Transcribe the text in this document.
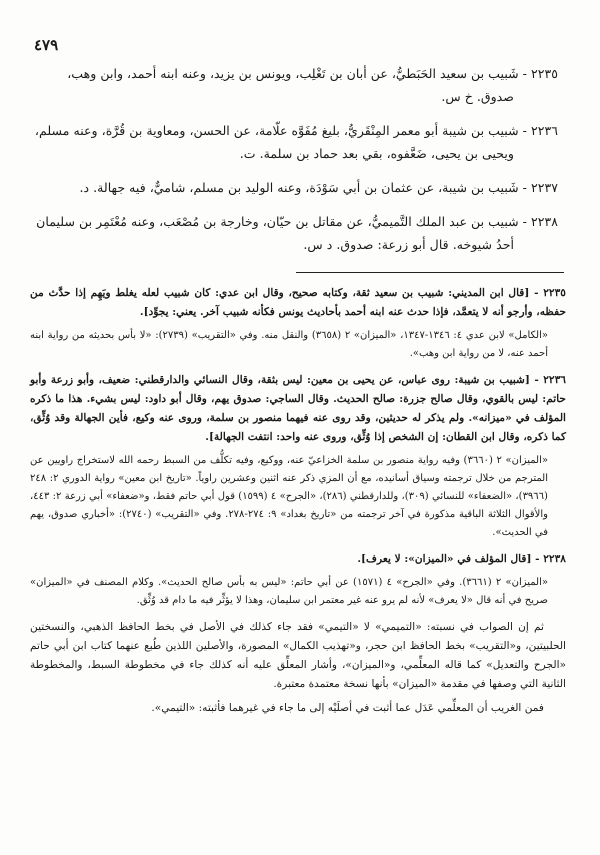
٤٧٩
٢٢٣٥ - شَبيب بن سعيد الحَبَطيُّ، عن أبان بن تَغْلِب، ويونس بن يزيد، وعنه ابنه أحمد، وابن وهب،
صدوق. خ س.
٢٢٣٦ - شبيب بن شيبة أبو معمر المِنْقَريُّ، بليغ مُفَوَّه علّامة، عن الحسن، ومعاوية بن قُرَّة، وعنه مسلم،
ويحيى بن يحيى، ضَعَّفوه، بقي بعد حماد بن سلمة. ت.
٢٢٣٧ - شَبيب بن شيبة، عن عثمان بن أبي سَوْدَة، وعنه الوليد بن مسلم، شاميٌّ، فيه جهالة. د.
٢٢٣٨ - شبيب بن عبد الملك التَّميميُّ، عن مقاتل بن حيّان، وخارجة بن مُصْعَب، وعنه مُعْتَمِر بن سليمان
أحدُ شيوخه. قال أبو زرعة: صدوق. د س.

٢٢٣٥ - [قال ابن المديني: شبيب بن سعيد ثقة، وكتابه صحيح، وقال ابن عدي: كان شبيب لعله يغلط ويَهِم إذا حدَّث من حفظه، وأرجو أنه لا يتعمَّد، فإذا حدث عنه ابنه أحمد بأحاديث يونس فكأنه شبيب آخر. يعني: يجوِّد].

«الكامل» لابن عدي ٤: ١٣٤٦-١٣٤٧، «الميزان» ٢ (٣٦٥٨) والنقل منه. وفي «التقريب» (٢٧٣٩): «لا بأس بحديثه من رواية ابنه أحمد عنه، لا من رواية ابن وهب».

٢٢٣٦ - [شبيب بن شيبة: روى عباس، عن يحيى بن معين: ليس بثقة، وقال النسائي والدارقطني: ضعيف، وأبو زرعة وأبو حاتم: ليس بالقوي، وقال صالح جزرة: صالح الحديث. وقال الساجي: صدوق يهم، وقال أبو داود: ليس بشيء. هذا ما ذكره المؤلف في «ميزانه». ولم يذكر له حديثين، وقد روى عنه فيهما منصور بن سلمة، وروى عنه وكيع، فأين الجهالة وقد وُثِّق، كما ذكره، وقال ابن القطان: إن الشخص إذا وُثِّق، وروى عنه واحد: انتفت الجهالة].

«الميزان» ٢ (٣٦٦٠) وفيه رواية منصور بن سلمة الخزاعيّ عنه، ووكيع، وفيه تكلُّف من السبط رحمه الله لاستخراج راويين عن المترجم من خلال ترجمته وسياق أسانيده، مع أن المزي ذكر عنه اثنين وعشرين راوياً. «تاريخ ابن معين» رواية الدوري ٢: ٢٤٨ (٣٩٦٦)، «الضعفاء» للنسائي (٣٠٩)، وللدارقطني (٢٨٦)، «الجرح» ٤ (١٥٩٩) قول أبي حاتم فقط، و«ضعفاء» أبي زرعة ٢: ٤٤٣، والأقوال الثلاثة الباقية مذكورة في آخر ترجمته من «تاريخ بغداد» ٩: ٢٧٤-٢٧٨. وفي «التقريب» (٢٧٤٠): «أخباري صدوق، يهم في الحديث».

٢٢٣٨ - [قال المؤلف في «الميزان»: لا يعرف].

«الميزان» ٢ (٣٦٦١). وفي «الجرح» ٤ (١٥٧١) عن أبي حاتم: «ليس به بأس صالح الحديث». وكلام المصنف في «الميزان» صريح في أنه قال «لا يعرف» لأنه لم يرو عنه غير معتمر ابن سليمان، وهذا لا يؤثِّر فيه ما دام قد وُثِّق.

ثم إن الصواب في نسبته: «التميمي» لا «التيمي» فقد جاء كذلك في الأصل في بخط الحافظ الذهبي، والنسختين الحلبيتين، و«التقريب» بخط الحافظ ابن حجر، و«تهذيب الكمال» المصورة، والأصلين اللذين طُبع عنهما كتاب ابن أبي حاتم «الجرح والتعديل» كما قاله المعلِّمي، و«الميزان»، وأشار المعلِّق عليه أنه كذلك جاء في مخطوطة السبط، والمخطوطة الثانية التي وصفها في مقدمة «الميزان» بأنها نسخة معتمدة معتبرة.

فمن الغريب أن المعلِّمي عَدَل عما أثبت في أصلَيْه إلى ما جاء في غيرهما فأثبته: «التيمي».
